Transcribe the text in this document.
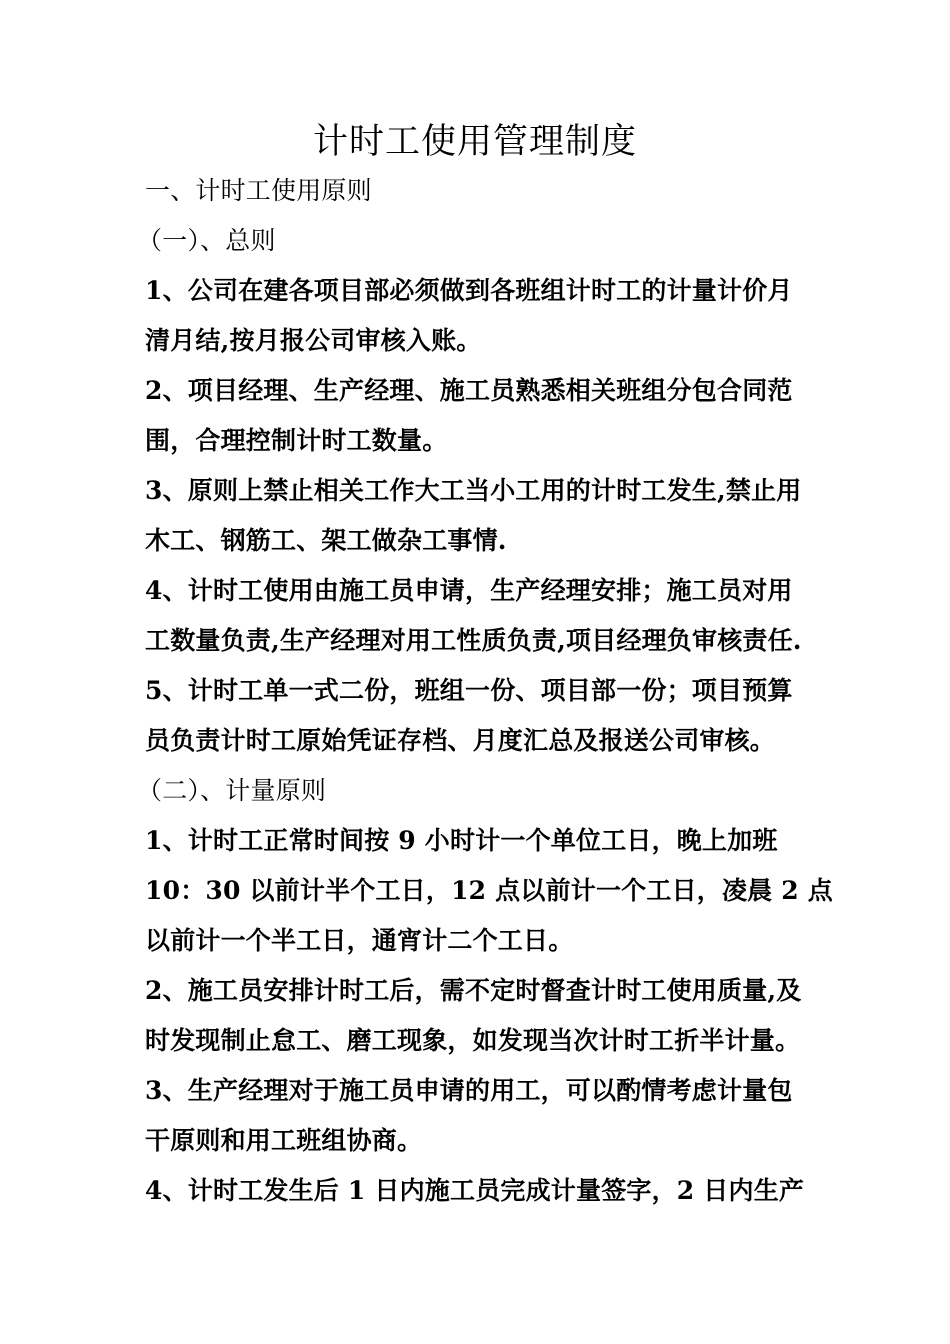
计时工使用管理制度
一、计时工使用原则
（一）、总则
1、公司在建各项目部必须做到各班组计时工的计量计价月
清月结,按月报公司审核入账。
2、项目经理、生产经理、施工员熟悉相关班组分包合同范
围，合理控制计时工数量。
3、原则上禁止相关工作大工当小工用的计时工发生,禁止用
木工、钢筋工、架工做杂工事情.
4、计时工使用由施工员申请，生产经理安排；施工员对用
工数量负责,生产经理对用工性质负责,项目经理负审核责任.
5、计时工单一式二份，班组一份、项目部一份；项目预算
员负责计时工原始凭证存档、月度汇总及报送公司审核。
（二）、计量原则
1、计时工正常时间按 9 小时计一个单位工日，晚上加班
10：30 以前计半个工日，12 点以前计一个工日，凌晨 2 点
以前计一个半工日，通宵计二个工日。
2、施工员安排计时工后，需不定时督查计时工使用质量,及
时发现制止怠工、磨工现象，如发现当次计时工折半计量。
3、生产经理对于施工员申请的用工，可以酌情考虑计量包
干原则和用工班组协商。
4、计时工发生后 1 日内施工员完成计量签字，2 日内生产
